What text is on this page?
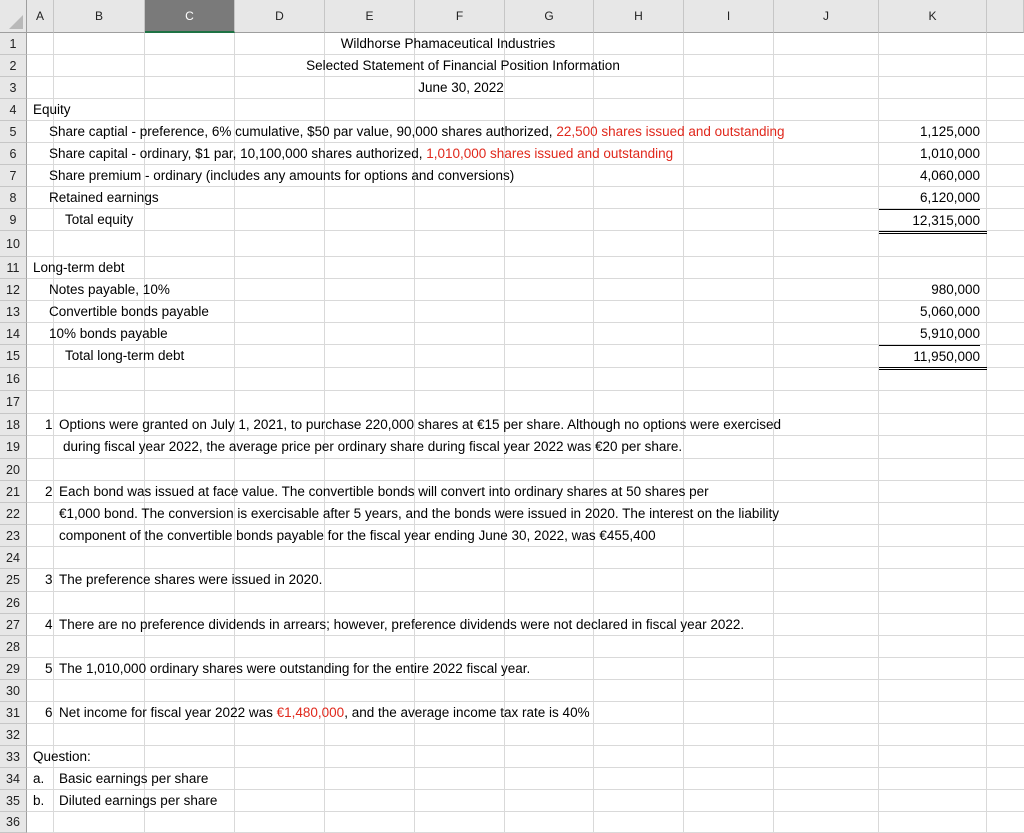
A	B	C	D	E	F	G	H	I	J	K
1
2
3
4
5
6
7
8
9
10
11
12
13
14
15
16
17
18
19
20
21
22
23
24
25
26
27
28
29
30
31
32
33
34
35
36
Wildhorse Phamaceutical Industries
Selected Statement of Financial Position Information
June 30, 2022
Equity
Share captial - preference, 6% cumulative, $50 par value, 90,000 shares authorized, 22,500 shares issued and outstanding	1,125,000
Share capital - ordinary, $1 par, 10,100,000 shares authorized, 1,010,000 shares issued and outstanding	1,010,000
Share premium - ordinary (includes any amounts for options and conversions)	4,060,000
Retained earnings	6,120,000
Total equity	12,315,000
Long-term debt
Notes payable, 10%	980,000
Convertible bonds payable	5,060,000
10% bonds payable	5,910,000
Total long-term debt	11,950,000
1 Options were granted on July 1, 2021, to purchase 220,000 shares at €15 per share. Although no options were exercised
during fiscal year 2022, the average price per ordinary share during fiscal year 2022 was €20 per share.
2 Each bond was issued at face value. The convertible bonds will convert into ordinary shares at 50 shares per
€1,000 bond. The conversion is exercisable after 5 years, and the bonds were issued in 2020. The interest on the liability
component of the convertible bonds payable for the fiscal year ending June 30, 2022, was €455,400
3 The preference shares were issued in 2020.
4 There are no preference dividends in arrears; however, preference dividends were not declared in fiscal year 2022.
5 The 1,010,000 ordinary shares were outstanding for the entire 2022 fiscal year.
6 Net income for fiscal year 2022 was €1,480,000, and the average income tax rate is 40%
Question:
a. Basic earnings per share
b. Diluted earnings per share
